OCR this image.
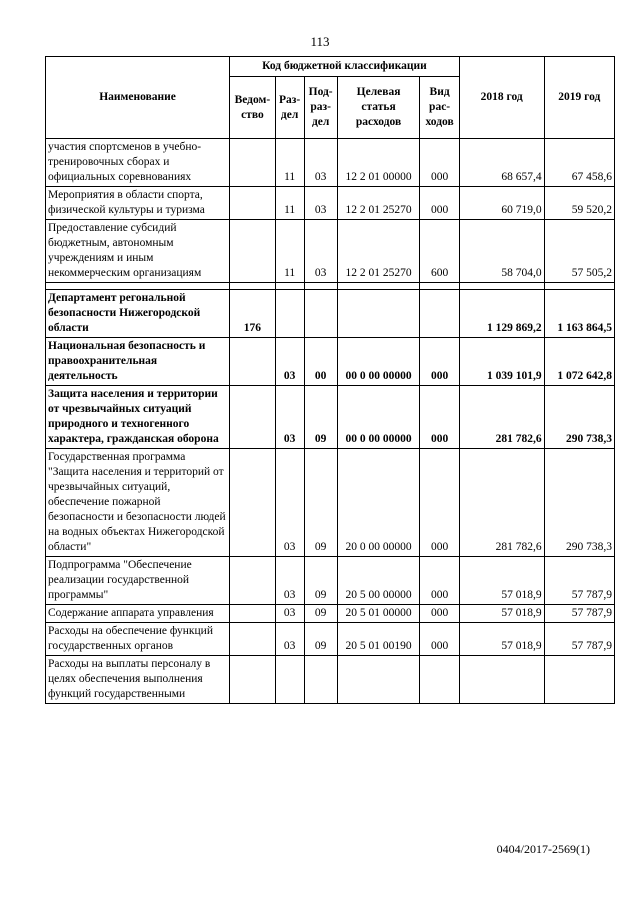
113
Наименование	Код бюджетной классификации					2018 год	2019 год
	Ведом-ство	Раз-дел	Под-раз-дел	Целевая статья расходов	Вид рас-ходов		
участия спортсменов в учебно-тренировочных сборах и официальных соревнованиях		11	03	12 2 01 00000	000	68 657,4	67 458,6
Мероприятия в области спорта, физической культуры и туризма		11	03	12 2 01 25270	000	60 719,0	59 520,2
Предоставление субсидий бюджетным, автономным учреждениям и иным некоммерческим организациям		11	03	12 2 01 25270	600	58 704,0	57 505,2

Департамент регональной безопасности Нижегородской области	176					1 129 869,2	1 163 864,5
Национальная безопасность и правоохранительная деятельность		03	00	00 0 00 00000	000	1 039 101,9	1 072 642,8
Защита населения и территории от чрезвычайных ситуаций природного и техногенного характера, гражданская оборона		03	09	00 0 00 00000	000	281 782,6	290 738,3
Государственная программа "Защита населения и территорий от чрезвычайных ситуаций, обеспечение пожарной безопасности и безопасности людей на водных объектах Нижегородской области"		03	09	20 0 00 00000	000	281 782,6	290 738,3
Подпрограмма "Обеспечение реализации государственной программы"		03	09	20 5 00 00000	000	57 018,9	57 787,9
Содержание аппарата управления		03	09	20 5 01 00000	000	57 018,9	57 787,9
Расходы на обеспечение функций государственных органов		03	09	20 5 01 00190	000	57 018,9	57 787,9
Расходы на выплаты персоналу в целях обеспечения выполнения функций государственными							
0404/2017-2569(1)
